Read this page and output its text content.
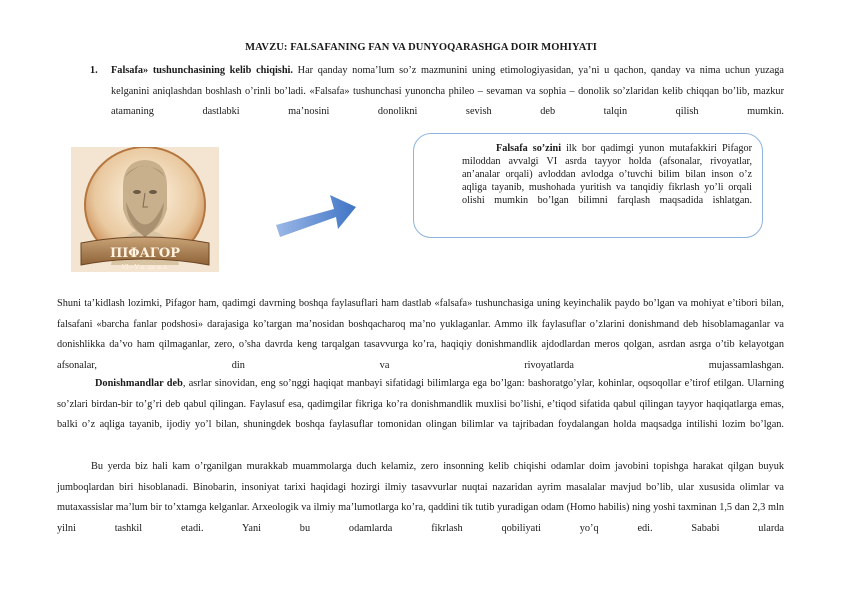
MAVZU: FALSAFANING FAN VA DUNYOQARASHGA DOIR MOHIYATI
1. Falsafa» tushunchasining kelib chiqishi. Har qanday noma’lum so’z mazmunini uning etimologiyasidan, ya’ni u qachon, qanday va nima uchun yuzaga kelganini aniqlashdan boshlash o’rinli bo’ladi. «Falsafa» tushunchasi yunoncha phileo – sevaman va sophia – donolik so’zlaridan kelib chiqqan bo’lib, mazkur atamaning dastlabki ma’nosini donolikni sevish deb talqin qilish mumkin.
ΠΙΦΑΓΟΡ
VI—V в. до н.э.
Falsafa so’zini ilk bor qadimgi yunon mutafakkiri Pifagor miloddan avvalgi VI asrda tayyor holda (afsonalar, rivoyatlar, an’analar orqali) avloddan avlodga o’tuvchi bilim bilan inson o’z aqliga tayanib, mushohada yuritish va tanqidiy fikrlash yo’li orqali olishi mumkin bo’lgan bilimni farqlash maqsadida ishlatgan.
Shuni ta’kidlash lozimki, Pifagor ham, qadimgi davrning boshqa faylasuflari ham dastlab «falsafa» tushunchasiga uning keyinchalik paydo bo’lgan va mohiyat e’tibori bilan, falsafani «barcha fanlar podshosi» darajasiga ko’targan ma’nosidan boshqacharoq ma’no yuklaganlar. Ammo ilk faylasuflar o’zlarini donishmand deb hisoblamaganlar va donishlikka da’vo ham qilmaganlar, zero, o’sha davrda keng tarqalgan tasavvurga ko’ra, haqiqiy donishmandlik ajdodlardan meros qolgan, asrdan asrga o’tib kelayotgan afsonalar, din va rivoyatlarda mujassamlashgan.
Donishmandlar deb, asrlar sinovidan, eng so’nggi haqiqat manbayi sifatidagi bilimlarga ega bo’lgan: bashoratgo’ylar, kohinlar, oqsoqollar e’tirof etilgan. Ularning so’zlari birdan-bir to’g’ri deb qabul qilingan. Faylasuf esa, qadimgilar fikriga ko’ra donishmandlik muxlisi bo’lishi, e’tiqod sifatida qabul qilingan tayyor haqiqatlarga emas, balki o’z aqliga tayanib, ijodiy yo’l bilan, shuningdek boshqa faylasuflar tomonidan olingan bilimlar va tajribadan foydalangan holda maqsadga intilishi lozim bo’lgan.
Bu yerda biz hali kam o’rganilgan murakkab muammolarga duch kelamiz, zero insonning kelib chiqishi odamlar doim javobini topishga harakat qilgan buyuk jumboqlardan biri hisoblanadi. Binobarin, insoniyat tarixi haqidagi hozirgi ilmiy tasavvurlar nuqtai nazaridan ayrim masalalar mavjud bo’lib, ular xususida olimlar va mutaxassislar ma’lum bir to’xtamga kelganlar. Arxeologik va ilmiy ma’lumotlarga ko’ra, qaddini tik tutib yuradigan odam (Homo habilis) ning yoshi taxminan 1,5 dan 2,3 mln yilni tashkil etadi. Yani bu odamlarda fikrlash qobiliyati yo’q edi. Sababi ularda
